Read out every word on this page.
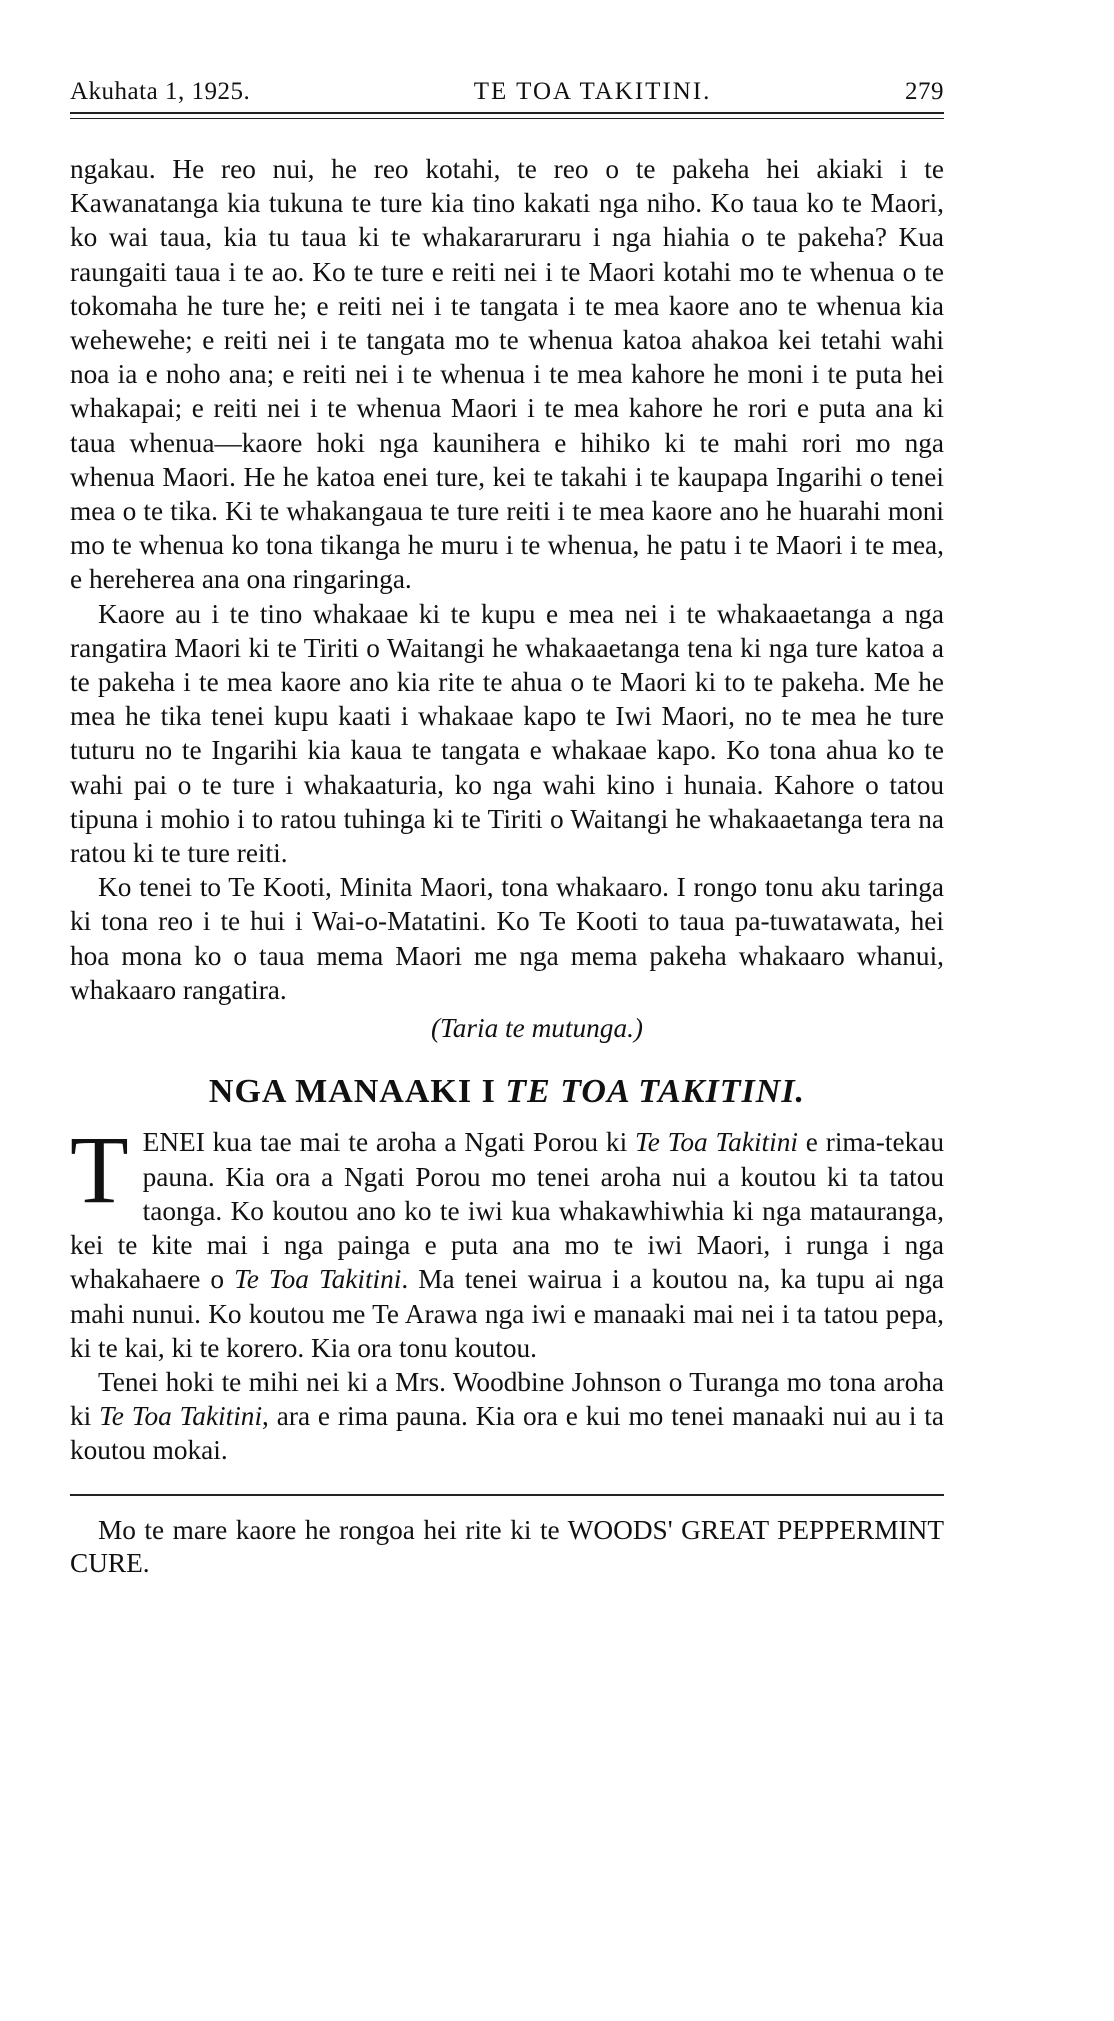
Akuhata 1, 1925.	TE TOA TAKITINI.	279

ngakau. He reo nui, he reo kotahi, te reo o te pakeha hei akiaki i te Kawanatanga kia tukuna te ture kia tino kakati nga niho. Ko taua ko te Maori, ko wai taua, kia tu taua ki te whakararuraru i nga hiahia o te pakeha? Kua raungaiti taua i te ao. Ko te ture e reiti nei i te Maori kotahi mo te whenua o te tokomaha he ture he; e reiti nei i te tangata i te mea kaore ano te whenua kia wehewehe; e reiti nei i te tangata mo te whenua katoa ahakoa kei tetahi wahi noa ia e noho ana; e reiti nei i te whenua i te mea kahore he moni i te puta hei whakapai; e reiti nei i te whenua Maori i te mea kahore he rori e puta ana ki taua whenua—kaore hoki nga kaunihera e hihiko ki te mahi rori mo nga whenua Maori. He he katoa enei ture, kei te takahi i te kaupapa Ingarihi o tenei mea o te tika. Ki te whakangaua te ture reiti i te mea kaore ano he huarahi moni mo te whenua ko tona tikanga he muru i te whenua, he patu i te Maori i te mea, e herehereа ana ona ringaringa.

Kaore au i te tino whakaae ki te kupu e mea nei i te whakaaetanga a nga rangatira Maori ki te Tiriti o Waitangi he whakaaetanga tena ki nga ture katoa a te pakeha i te mea kaore ano kia rite te ahua o te Maori ki to te pakeha. Me he mea he tika tenei kupu kaati i whakaae kapo te Iwi Maori, no te mea he ture tuturu no te Ingarihi kia kaua te tangata e whakaae kapo. Ko tona ahua ko te wahi pai o te ture i whakaaturia, ko nga wahi kino i hunaia. Kahore o tatou tipuna i mohio i to ratou tuhinga ki te Tiriti o Waitangi he whakaaetanga tera na ratou ki te ture reiti.

Ko tenei to Te Kooti, Minita Maori, tona whakaaro. I rongo tonu aku taringa ki tona reo i te hui i Wai-o-Matatini. Ko Te Kooti to taua pa-tuwatawata, hei hoa mona ko o taua mema Maori me nga mema pakeha whakaaro whanui, whakaaro rangatira.

(Taria te mutunga.)

NGA MANAAKI I TE TOA TAKITINI.

TENEI kua tae mai te aroha a Ngati Porou ki Te Toa Takitini e rima-tekau pauna. Kia ora a Ngati Porou mo tenei aroha nui a koutou ki ta tatou taonga. Ko koutou ano ko te iwi kua whakawhiwhia ki nga matauranga, kei te kite mai i nga painga e puta ana mo te iwi Maori, i runga i nga whakahaere o Te Toa Takitini. Ma tenei wairua i a koutou na, ka tupu ai nga mahi nunui. Ko koutou me Te Arawa nga iwi e manaaki mai nei i ta tatou pepa, ki te kai, ki te korero. Kia ora tonu koutou.

Tenei hoki te mihi nei ki a Mrs. Woodbine Johnson o Turanga mo tona aroha ki Te Toa Takitini, ara e rima pauna. Kia ora e kui mo tenei manaaki nui au i ta koutou mokai.

Mo te mare kaore he rongoa hei rite ki te WOODS' GREAT PEPPERMINT CURE.
